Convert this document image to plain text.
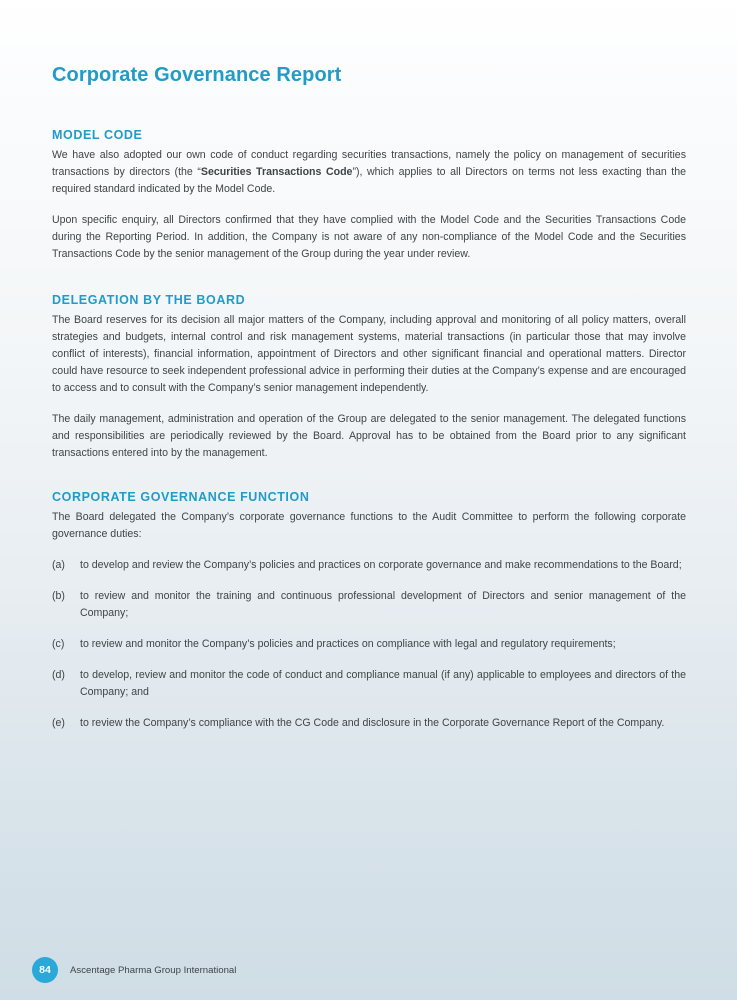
Corporate Governance Report
MODEL CODE

We have also adopted our own code of conduct regarding securities transactions, namely the policy on management of securities transactions by directors (the “Securities Transactions Code”), which applies to all Directors on terms not less exacting than the required standard indicated by the Model Code.

Upon specific enquiry, all Directors confirmed that they have complied with the Model Code and the Securities Transactions Code during the Reporting Period. In addition, the Company is not aware of any non-compliance of the Model Code and the Securities Transactions Code by the senior management of the Group during the year under review.

DELEGATION BY THE BOARD

The Board reserves for its decision all major matters of the Company, including approval and monitoring of all policy matters, overall strategies and budgets, internal control and risk management systems, material transactions (in particular those that may involve conflict of interests), financial information, appointment of Directors and other significant financial and operational matters. Director could have resource to seek independent professional advice in performing their duties at the Company’s expense and are encouraged to access and to consult with the Company’s senior management independently.

The daily management, administration and operation of the Group are delegated to the senior management. The delegated functions and responsibilities are periodically reviewed by the Board. Approval has to be obtained from the Board prior to any significant transactions entered into by the management.

CORPORATE GOVERNANCE FUNCTION

The Board delegated the Company’s corporate governance functions to the Audit Committee to perform the following corporate governance duties:

(a)	to develop and review the Company’s policies and practices on corporate governance and make recommendations to the Board;
(b)	to review and monitor the training and continuous professional development of Directors and senior management of the Company;
(c)	to review and monitor the Company’s policies and practices on compliance with legal and regulatory requirements;
(d)	to develop, review and monitor the code of conduct and compliance manual (if any) applicable to employees and directors of the Company; and
(e)	to review the Company’s compliance with the CG Code and disclosure in the Corporate Governance Report of the Company.
84	Ascentage Pharma Group International
